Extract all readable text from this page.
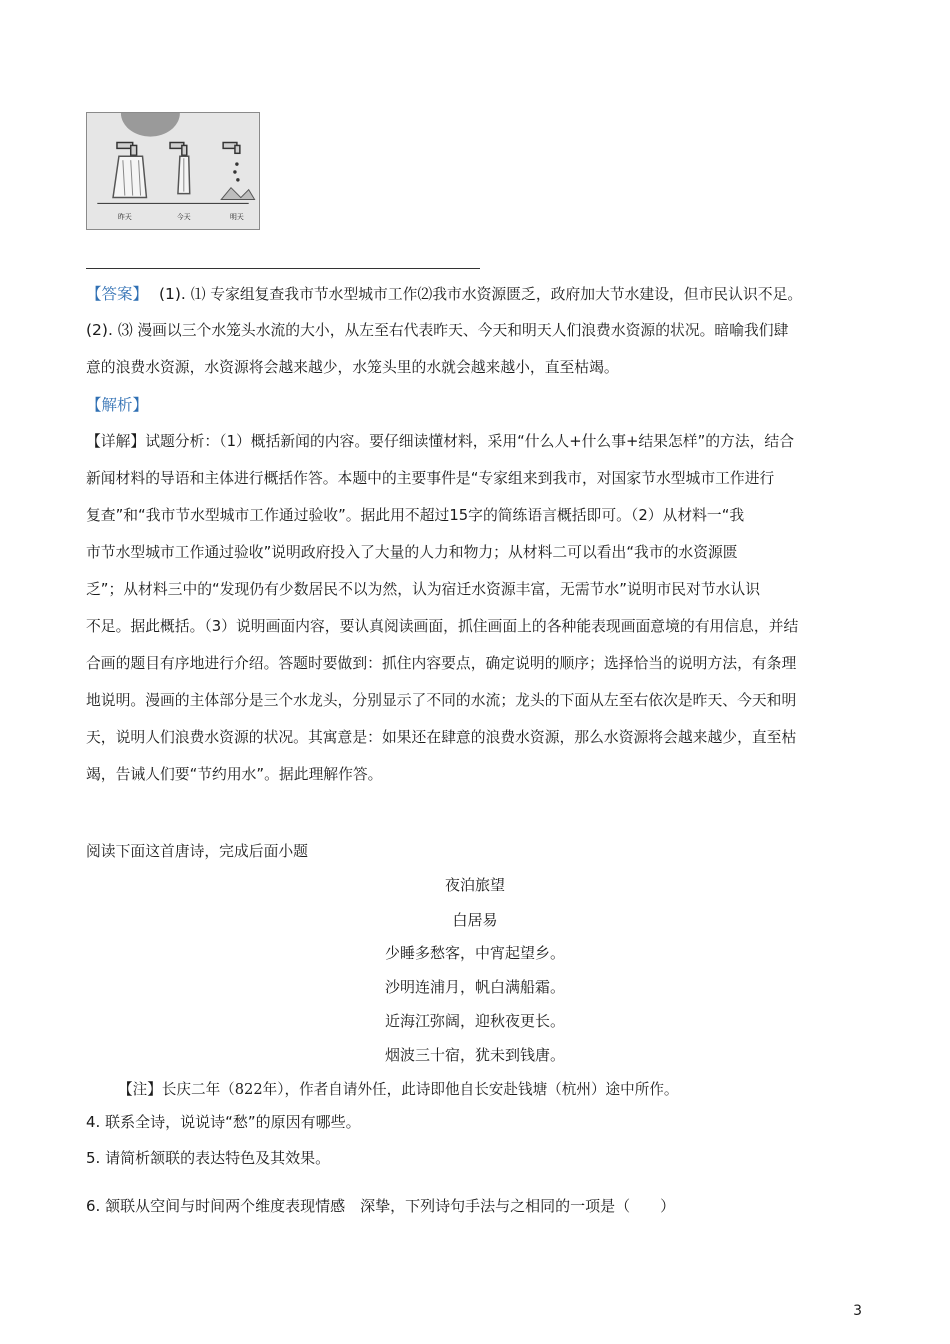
昨天	今天	明天
【答案】 (1). ⑴ 专家组复查我市节水型城市工作⑵我市水资源匮乏，政府加大节水建设，但市民认识不足。
(2). ⑶ 漫画以三个水笼头水流的大小，从左至右代表昨天、今天和明天人们浪费水资源的状况。暗喻我们肆
意的浪费水资源，水资源将会越来越少，水笼头里的水就会越来越小，直至枯竭。
【解析】
【详解】试题分析：（1）概括新闻的内容。要仔细读懂材料，采用“什么人+什么事+结果怎样”的方法，结合
新闻材料的导语和主体进行概括作答。本题中的主要事件是“专家组来到我市，对国家节水型城市工作进行
复查”和“我市节水型城市工作通过验收”。据此用不超过15字的简练语言概括即可。（2）从材料一“我
市节水型城市工作通过验收”说明政府投入了大量的人力和物力；从材料二可以看出“我市的水资源匮
乏”；从材料三中的“发现仍有少数居民不以为然，认为宿迁水资源丰富，无需节水”说明市民对节水认识
不足。据此概括。（3）说明画面内容，要认真阅读画面，抓住画面上的各种能表现画面意境的有用信息，并结
合画的题目有序地进行介绍。答题时要做到：抓住内容要点，确定说明的顺序；选择恰当的说明方法，有条理
地说明。漫画的主体部分是三个水龙头，分别显示了不同的水流；龙头的下面从左至右依次是昨天、今天和明
天，说明人们浪费水资源的状况。其寓意是：如果还在肆意的浪费水资源，那么水资源将会越来越少，直至枯
竭，告诫人们要“节约用水”。据此理解作答。
阅读下面这首唐诗，完成后面小题
夜泊旅望
白居易
少睡多愁客，中宵起望乡。
沙明连浦月，帆白满船霜。
近海江弥阔，迎秋夜更长。
烟波三十宿，犹未到钱唐。
【注】长庆二年（822年），作者自请外任，此诗即他自长安赴钱塘（杭州）途中所作。
4. 联系全诗，说说诗“愁”的原因有哪些。
5. 请简析颔联的表达特色及其效果。
6. 颔联从空间与时间两个维度表现情感　深挚，下列诗句手法与之相同的一项是（　　）
3
